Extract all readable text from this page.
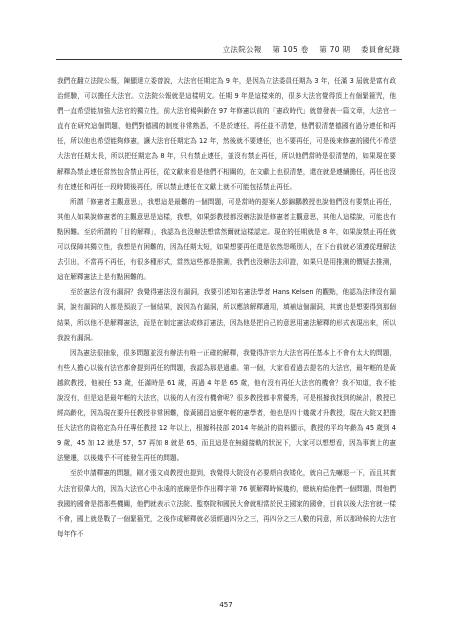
立法院公報 第 105 卷 第 70 期 委員會紀錄

我們在翻立法院公報，陳顯達立委曾說，大法官任期定為 9 年，是因為立法委員任期為 3 年，任滿 3 屆就是富有政治經驗，可以擔任大法官。立法院公報就是這樣明文。任期 9 年是這樣來的，很多大法官覺得頂上有個緊箍咒，他們一直希望能加強大法官的獨立性，前大法官楊與齡在 97 年修憲以前的「憲政時代」就曾發表一篇文章，大法官一直有在研究這個問題，他們對德國的制度非常熟悉，不是於連任，再任並不清楚，他們很清楚德國有過分連任和再任，所以他也希望能夠修憲，讓大法官任期定為 12 年，然後就不要連任，也不要再任，可是後來修憲的國代不希望大法官任期太長，所以把任期定為 8 年，只有禁止連任，並沒有禁止再任，所以他們當時是很清楚的，如果現在要解釋為禁止連任當然包含禁止再任，從文獻來看是他們不相關的，在文獻上也很清楚，還在就是連續擔任，再任也沒有在連任和再任一段時間後再任，所以禁止連任在文獻上就不可能包括禁止再任。

所謂「修憲者主觀意思」，我想這是最難的一個問題，可是當時的提案人彭錦鵬教授也說他們沒有要禁止再任，其他人如果說修憲者的主觀意思是這樣，我想，如果彭教授都沒辦法說是修憲者主觀意思，其他人這樣說，可能也有點困難。至於所謂的「目的解釋」，我認為也沒辦法想當然爾就這樣認定。現在的任期就是 8 年，如果說禁止再任就可以保障其獨立性，我想是有困難的，因為任期太短，如果想要再任還是依然怨嘆別人，在下台前就必須遵從理解法去引出，不當再不再任，有很多種形式，當然這些都是推測，我們也沒辦法去印證，如果只是用推測的價疑去推測，這在解釋憲法上是有點困難的。

至於憲法有沒有漏洞？我覺得憲法沒有漏洞，我要引述知名憲法學者 Hans Kelsen 的觀點，他認為法律沒有漏洞，說有漏洞的人都是預設了一個結果，說因為有漏洞，所以應該解釋適用，填補這個漏洞，其實也是想要得到那個結果，所以他不是解釋憲法，而是在制定憲法或修訂憲法，因為他是把自己的意思用憲法解釋的形式表現出來，所以我說有漏洞。

因為憲法很抽象，很多問題並沒有辦法有唯一正確的解釋，我覺得許宗力大法官再任基本上不會有太大的問題，有些人擔心以後有法官都會提到再任的問題，我認為那是過慮。第一個，大家看看過去提名的大法官，最年輕的是黃越欽教授，他被任 53 歲，任滿時是 61 歲，再過 4 年是 65 歲，他有沒有再任大法官的機會？我不知道，我不能說沒有，但是這是最年輕的大法官，以後的人有沒有機會呢？很多教授都非常優秀，可是根據我找到的統計，教授已經高齡化，因為現在要升任教授非常困難，像黃國昌這麼年輕的憲學者，他也是四十幾歲才升教授，現在大院又把擔任大法官的資格定為升任專任教授 12 年以上，根據科技部 2014 年統計的資料顯示，教授的平均年齡為 45 歲到 49 歲，45 加 12 就是 57，57 再加 8 就是 65，而且這是在無縫接軌的狀況下，大家可以想想看，因為事實上的憲法變遷，以後幾乎不可能發生再任的問題。

至於申請釋憲的問題，剛才張文貞教授也提到，我覺得大院沒有必要煩自我矮化，就自己先嚇退一下，而且其實大法官很偉大的，因為大法官心中永遠的底線是作作出釋字第 76 號解釋時候幾約，總統府給他們一個問題，問他們我國的國會是指那些機關，他們就表示立法院、監察院和國民大會就相當於民主國家的國會，目前以後大法官就一樣不會，國上就是戰了一個緊箍咒，之後作成解釋就必須經過四分之三，再四分之三人數的同意，所以那時候的大法官每年作不

457
